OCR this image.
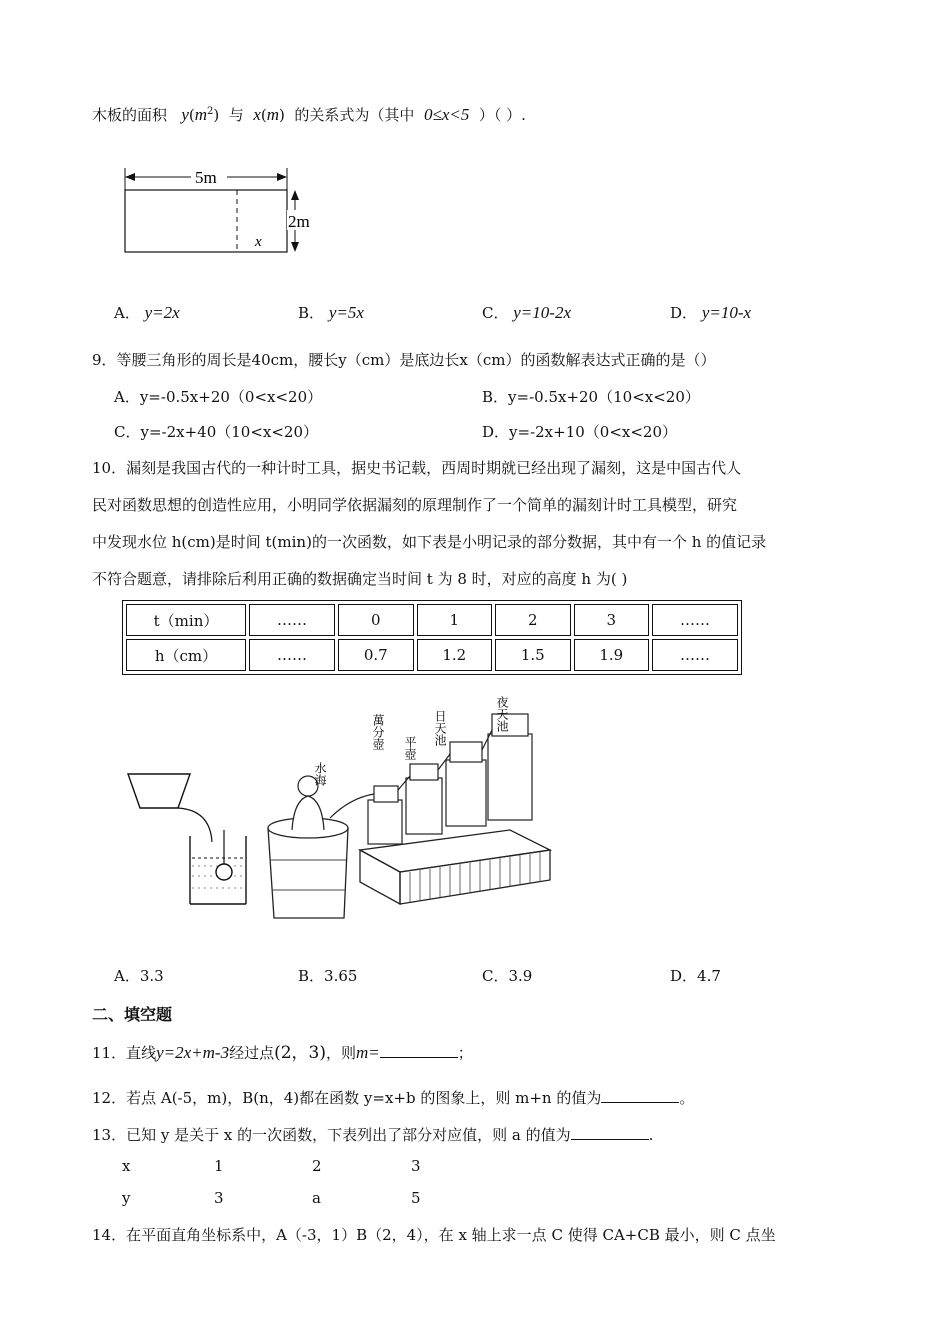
木板的面积 $y(m^2)$  与 x(m)  的关系式为（其中 0≤x<5 ）（ ）.
5m
2m
x
A． y=2x	B． y=5x	C． y=10-2x	D． y=10-x
9．等腰三角形的周长是40cm，腰长y（cm）是底边长x（cm）的函数解表达式正确的是（）
A．y=-0.5x+20（0<x<20）	B．y=-0.5x+20（10<x<20）
C．y=-2x+40（10<x<20）	D．y=-2x+10（0<x<20）
10．漏刻是我国古代的一种计时工具，据史书记载，西周时期就已经出现了漏刻，这是中国古代人
民对函数思想的创造性应用，小明同学依据漏刻的原理制作了一个简单的漏刻计时工具模型，研究
中发现水位 h(cm)是时间 t(min)的一次函数，如下表是小明记录的部分数据，其中有一个 h 的值记录
不符合题意，请排除后利用正确的数据确定当时间 t 为 8 时，对应的高度 h 为( )
t（min）	……	0	1	2	3	……
h（cm）	……	0.7	1.2	1.5	1.9	……
水海
萬分壺 平壺
日天池	夜天池
A．3.3	B．3.65	C．3.9	D．4.7
二、填空题
11．直线y=2x+m-3经过点(2，3)，则m=	；
12．若点 A(-5，m)，B(n，4)都在函数 y=x+b 的图象上，则 m+n 的值为	。
13．已知 y 是关于 x 的一次函数，下表列出了部分对应值，则 a 的值为	.
x	1	2	3
y	3	a	5
14．在平面直角坐标系中，A（-3，1）B（2，4），在 x 轴上求一点 C 使得 CA+CB 最小，则 C 点坐
